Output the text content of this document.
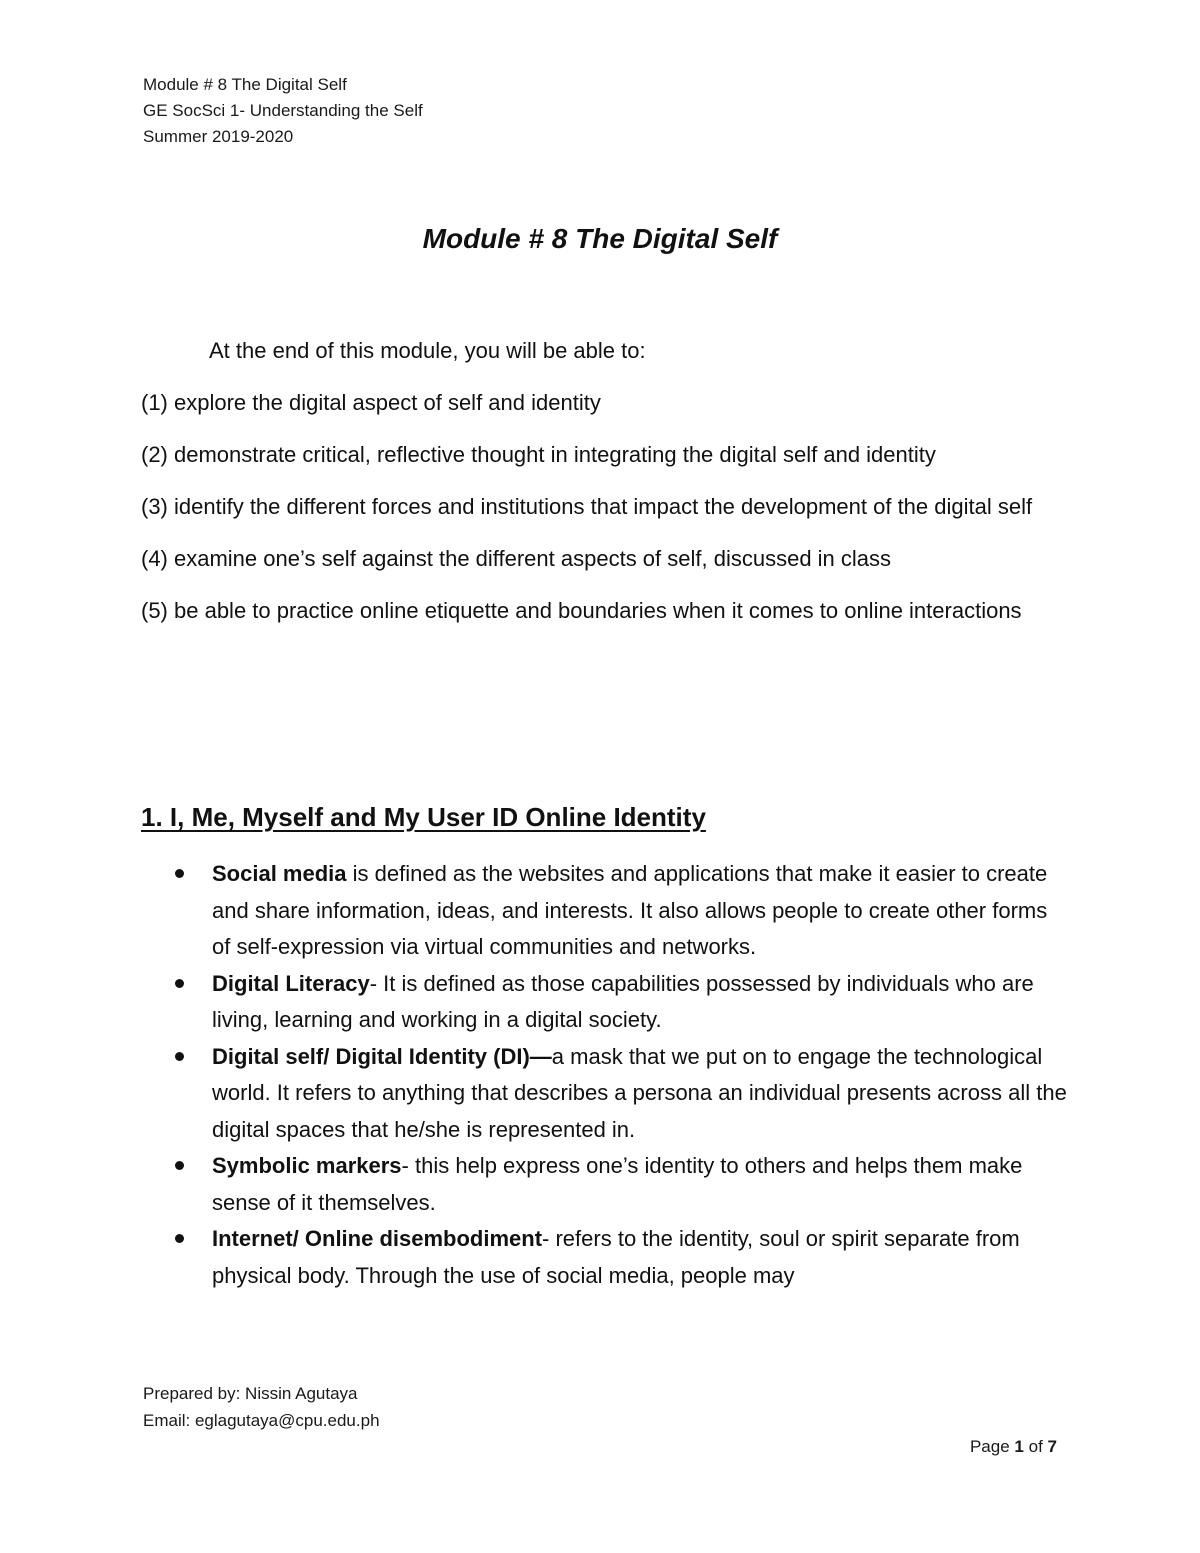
Module # 8 The Digital Self
GE SocSci 1- Understanding the Self
Summer 2019-2020
Module # 8 The Digital Self
At the end of this module, you will be able to:

(1) explore the digital aspect of self and identity

(2) demonstrate critical, reflective thought in integrating the digital self and identity

(3) identify the different forces and institutions that impact the development of the digital self

(4) examine one’s self against the different aspects of self, discussed in class

(5) be able to practice online etiquette and boundaries when it comes to online interactions

1. I, Me, Myself and My User ID Online Identity
Social media is defined as the websites and applications that make it easier to create and share information, ideas, and interests. It also allows people to create other forms of self-expression via virtual communities and networks.
Digital Literacy- It is defined as those capabilities possessed by individuals who are living, learning and working in a digital society.
Digital self/ Digital Identity (DI)—a mask that we put on to engage the technological world. It refers to anything that describes a persona an individual presents across all the digital spaces that he/she is represented in.
Symbolic markers- this help express one’s identity to others and helps them make sense of it themselves.
Internet/ Online disembodiment- refers to the identity, soul or spirit separate from physical body. Through the use of social media, people may
Prepared by: Nissin Agutaya
Email: eglagutaya@cpu.edu.ph
Page 1 of 7
